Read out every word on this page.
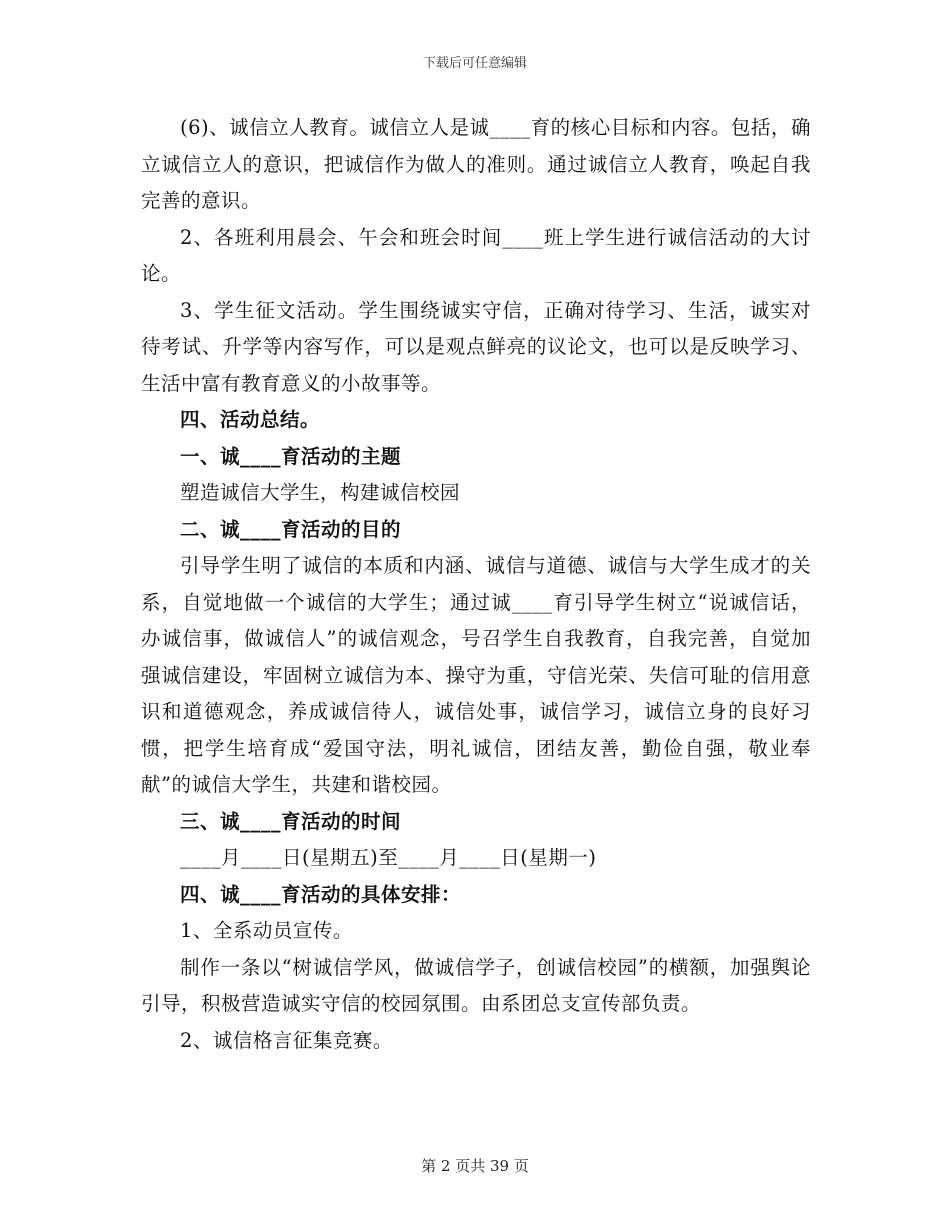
下载后可任意编辑

(6)、诚信立人教育。诚信立人是诚____育的核心目标和内容。包括，确立诚信立人的意识，把诚信作为做人的准则。通过诚信立人教育，唤起自我完善的意识。

2、各班利用晨会、午会和班会时间____班上学生进行诚信活动的大讨论。

3、学生征文活动。学生围绕诚实守信，正确对待学习、生活，诚实对待考试、升学等内容写作，可以是观点鲜亮的议论文，也可以是反映学习、生活中富有教育意义的小故事等。

四、活动总结。

一、诚____育活动的主题

塑造诚信大学生，构建诚信校园

二、诚____育活动的目的

引导学生明了诚信的本质和内涵、诚信与道德、诚信与大学生成才的关系，自觉地做一个诚信的大学生；通过诚____育引导学生树立“说诚信话，办诚信事，做诚信人”的诚信观念，号召学生自我教育，自我完善，自觉加强诚信建设，牢固树立诚信为本、操守为重，守信光荣、失信可耻的信用意识和道德观念，养成诚信待人，诚信处事，诚信学习，诚信立身的良好习惯，把学生培育成“爱国守法，明礼诚信，团结友善，勤俭自强，敬业奉献”的诚信大学生，共建和谐校园。

三、诚____育活动的时间

____月____日(星期五)至____月____日(星期一)

四、诚____育活动的具体安排：

1、全系动员宣传。

制作一条以“树诚信学风，做诚信学子，创诚信校园”的横额，加强舆论引导，积极营造诚实守信的校园氛围。由系团总支宣传部负责。

2、诚信格言征集竞赛。

第 2 页共 39 页
